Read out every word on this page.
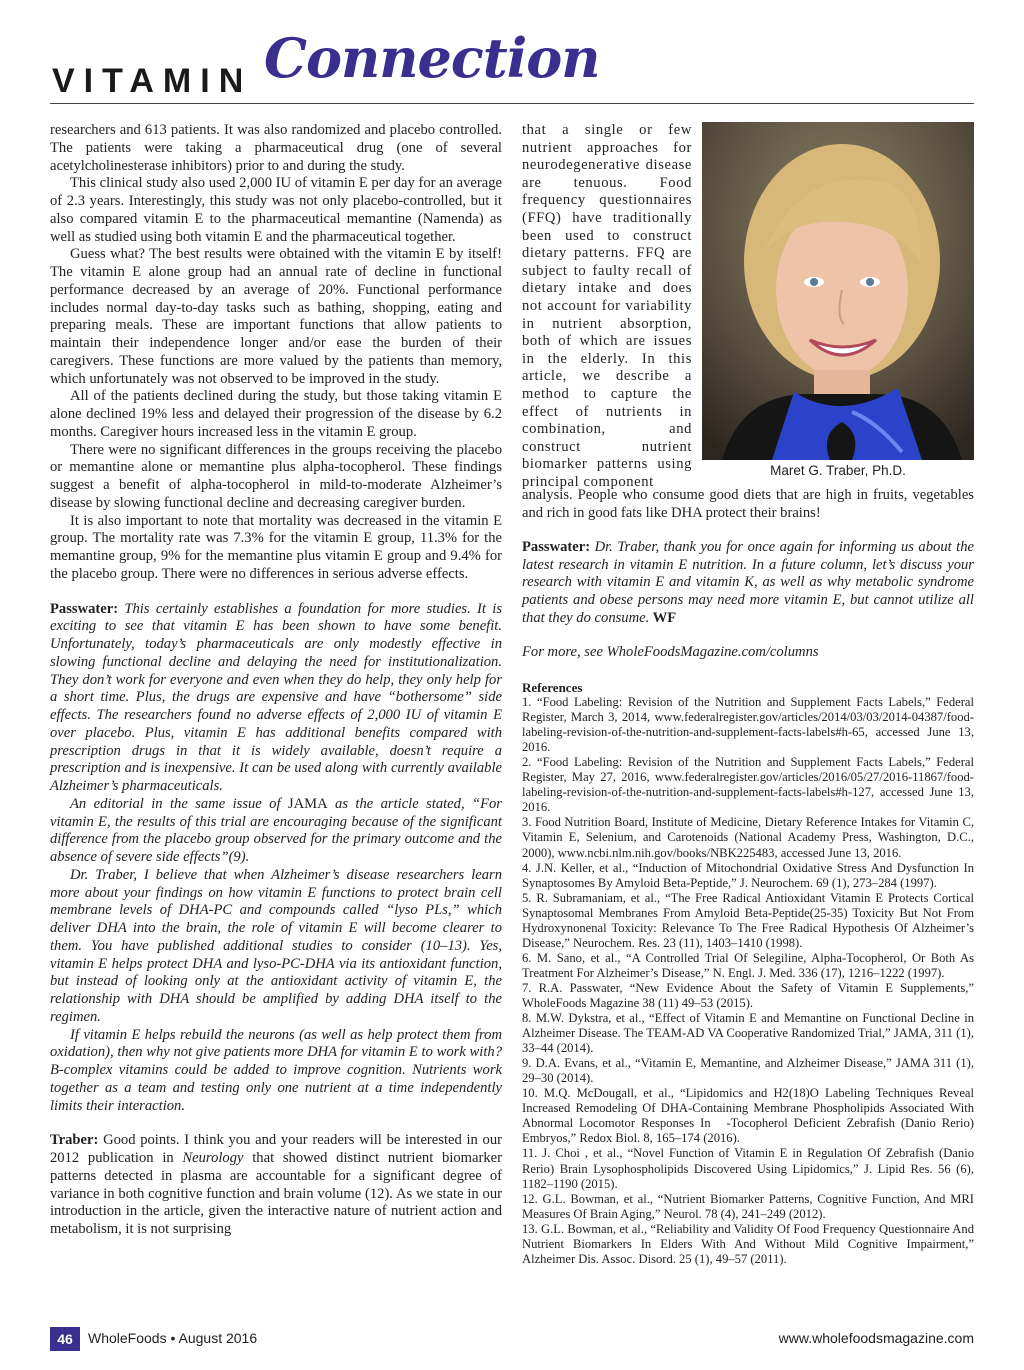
VITAMIN Connection

researchers and 613 patients. It was also randomized and placebo controlled. The patients were taking a pharmaceutical drug (one of several acetylcholinesterase inhibitors) prior to and during the study.

This clinical study also used 2,000 IU of vitamin E per day for an average of 2.3 years. Interestingly, this study was not only placebo-controlled, but it also compared vitamin E to the pharmaceutical memantine (Namenda) as well as studied using both vitamin E and the pharmaceutical together.

Guess what? The best results were obtained with the vitamin E by itself! The vitamin E alone group had an annual rate of decline in functional performance decreased by an average of 20%. Functional performance includes normal day-to-day tasks such as bathing, shopping, eating and preparing meals. These are important functions that allow patients to maintain their independence longer and/or ease the burden of their caregivers. These functions are more valued by the patients than memory, which unfortunately was not observed to be improved in the study.

All of the patients declined during the study, but those taking vitamin E alone declined 19% less and delayed their progression of the disease by 6.2 months. Caregiver hours increased less in the vitamin E group.

There were no significant differences in the groups receiving the placebo or memantine alone or memantine plus alpha-tocopherol. These findings suggest a benefit of alpha-tocopherol in mild-to-moderate Alzheimer’s disease by slowing functional decline and decreasing caregiver burden.

It is also important to note that mortality was decreased in the vitamin E group. The mortality rate was 7.3% for the vitamin E group, 11.3% for the memantine group, 9% for the memantine plus vitamin E group and 9.4% for the placebo group. There were no differences in serious adverse effects.

Passwater: This certainly establishes a foundation for more studies. It is exciting to see that vitamin E has been shown to have some benefit. Unfortunately, today’s pharmaceuticals are only modestly effective in slowing functional decline and delaying the need for institutionalization. They don’t work for everyone and even when they do help, they only help for a short time. Plus, the drugs are expensive and have “bothersome” side effects. The researchers found no adverse effects of 2,000 IU of vitamin E over placebo. Plus, vitamin E has additional benefits compared with prescription drugs in that it is widely available, doesn’t require a prescription and is inexpensive. It can be used along with currently available Alzheimer’s pharmaceuticals.

An editorial in the same issue of JAMA as the article stated, “For vitamin E, the results of this trial are encouraging because of the significant difference from the placebo group observed for the primary outcome and the absence of severe side effects”(9).

Dr. Traber, I believe that when Alzheimer’s disease researchers learn more about your findings on how vitamin E functions to protect brain cell membrane levels of DHA-PC and compounds called “lyso PLs,” which deliver DHA into the brain, the role of vitamin E will become clearer to them. You have published additional studies to consider (10–13). Yes, vitamin E helps protect DHA and lyso-PC-DHA via its antioxidant function, but instead of looking only at the antioxidant activity of vitamin E, the relationship with DHA should be amplified by adding DHA itself to the regimen.

If vitamin E helps rebuild the neurons (as well as help protect them from oxidation), then why not give patients more DHA for vitamin E to work with? B-complex vitamins could be added to improve cognition. Nutrients work together as a team and testing only one nutrient at a time independently limits their interaction.

Traber: Good points. I think you and your readers will be interested in our 2012 publication in Neurology that showed distinct nutrient biomarker patterns detected in plasma are accountable for a significant degree of variance in both cognitive function and brain volume (12). As we state in our introduction in the article, given the interactive nature of nutrient action and metabolism, it is not surprising

that a single or few nutrient approaches for neurodegenerative disease are tenuous. Food frequency questionnaires (FFQ) have traditionally been used to construct dietary patterns. FFQ are subject to faulty recall of dietary intake and does not account for variability in nutrient absorption, both of which are issues in the elderly. In this article, we describe a method to capture the effect of nutrients in combination, and construct nutrient biomarker patterns using principal component

Maret G. Traber, Ph.D.

analysis. People who consume good diets that are high in fruits, vegetables and rich in good fats like DHA protect their brains!

Passwater: Dr. Traber, thank you for once again for informing us about the latest research in vitamin E nutrition. In a future column, let’s discuss your research with vitamin E and vitamin K, as well as why metabolic syndrome patients and obese persons may need more vitamin E, but cannot utilize all that they do consume. WF

For more, see WholeFoodsMagazine.com/columns

References

1. “Food Labeling: Revision of the Nutrition and Supplement Facts Labels,” Federal Register, March 3, 2014, www.federalregister.gov/articles/2014/03/03/2014-04387/food-labeling-revision-of-the-nutrition-and-supplement-facts-labels#h-65, accessed June 13, 2016.

2. “Food Labeling: Revision of the Nutrition and Supplement Facts Labels,” Federal Register, May 27, 2016, www.federalregister.gov/articles/2016/05/27/2016-11867/food-labeling-revision-of-the-nutrition-and-supplement-facts-labels#h-127, accessed June 13, 2016.

3. Food Nutrition Board, Institute of Medicine, Dietary Reference Intakes for Vitamin C, Vitamin E, Selenium, and Carotenoids (National Academy Press, Washington, D.C., 2000), www.ncbi.nlm.nih.gov/books/NBK225483, accessed June 13, 2016.

4. J.N. Keller, et al., “Induction of Mitochondrial Oxidative Stress And Dysfunction In Synaptosomes By Amyloid Beta-Peptide,” J. Neurochem. 69 (1), 273–284 (1997).

5. R. Subramaniam, et al., “The Free Radical Antioxidant Vitamin E Protects Cortical Synaptosomal Membranes From Amyloid Beta-Peptide(25-35) Toxicity But Not From Hydroxynonenal Toxicity: Relevance To The Free Radical Hypothesis Of Alzheimer’s Disease,” Neurochem. Res. 23 (11), 1403–1410 (1998).

6. M. Sano, et al., “A Controlled Trial Of Selegiline, Alpha-Tocopherol, Or Both As Treatment For Alzheimer’s Disease,” N. Engl. J. Med. 336 (17), 1216–1222 (1997).

7. R.A. Passwater, “New Evidence About the Safety of Vitamin E Supplements,” WholeFoods Magazine 38 (11) 49–53 (2015).

8. M.W. Dykstra, et al., “Effect of Vitamin E and Memantine on Functional Decline in Alzheimer Disease. The TEAM-AD VA Cooperative Randomized Trial,” JAMA, 311 (1), 33–44 (2014).

9. D.A. Evans, et al., “Vitamin E, Memantine, and Alzheimer Disease,” JAMA 311 (1), 29–30 (2014).

10. M.Q. McDougall, et al., “Lipidomics and H2(18)O Labeling Techniques Reveal Increased Remodeling Of DHA-Containing Membrane Phospholipids Associated With Abnormal Locomotor Responses In  -Tocopherol Deficient Zebrafish (Danio Rerio) Embryos,” Redox Biol. 8, 165–174 (2016).

11. J. Choi , et al., “Novel Function of Vitamin E in Regulation Of Zebrafish (Danio Rerio) Brain Lysophospholipids Discovered Using Lipidomics,” J. Lipid Res. 56 (6), 1182–1190 (2015).

12. G.L. Bowman, et al., “Nutrient Biomarker Patterns, Cognitive Function, And MRI Measures Of Brain Aging,” Neurol. 78 (4), 241–249 (2012).

13. G.L. Bowman, et al., “Reliability and Validity Of Food Frequency Questionnaire And Nutrient Biomarkers In Elders With And Without Mild Cognitive Impairment,” Alzheimer Dis. Assoc. Disord. 25 (1), 49–57 (2011).

46	WholeFoods • August 2016	www.wholefoodsmagazine.com
